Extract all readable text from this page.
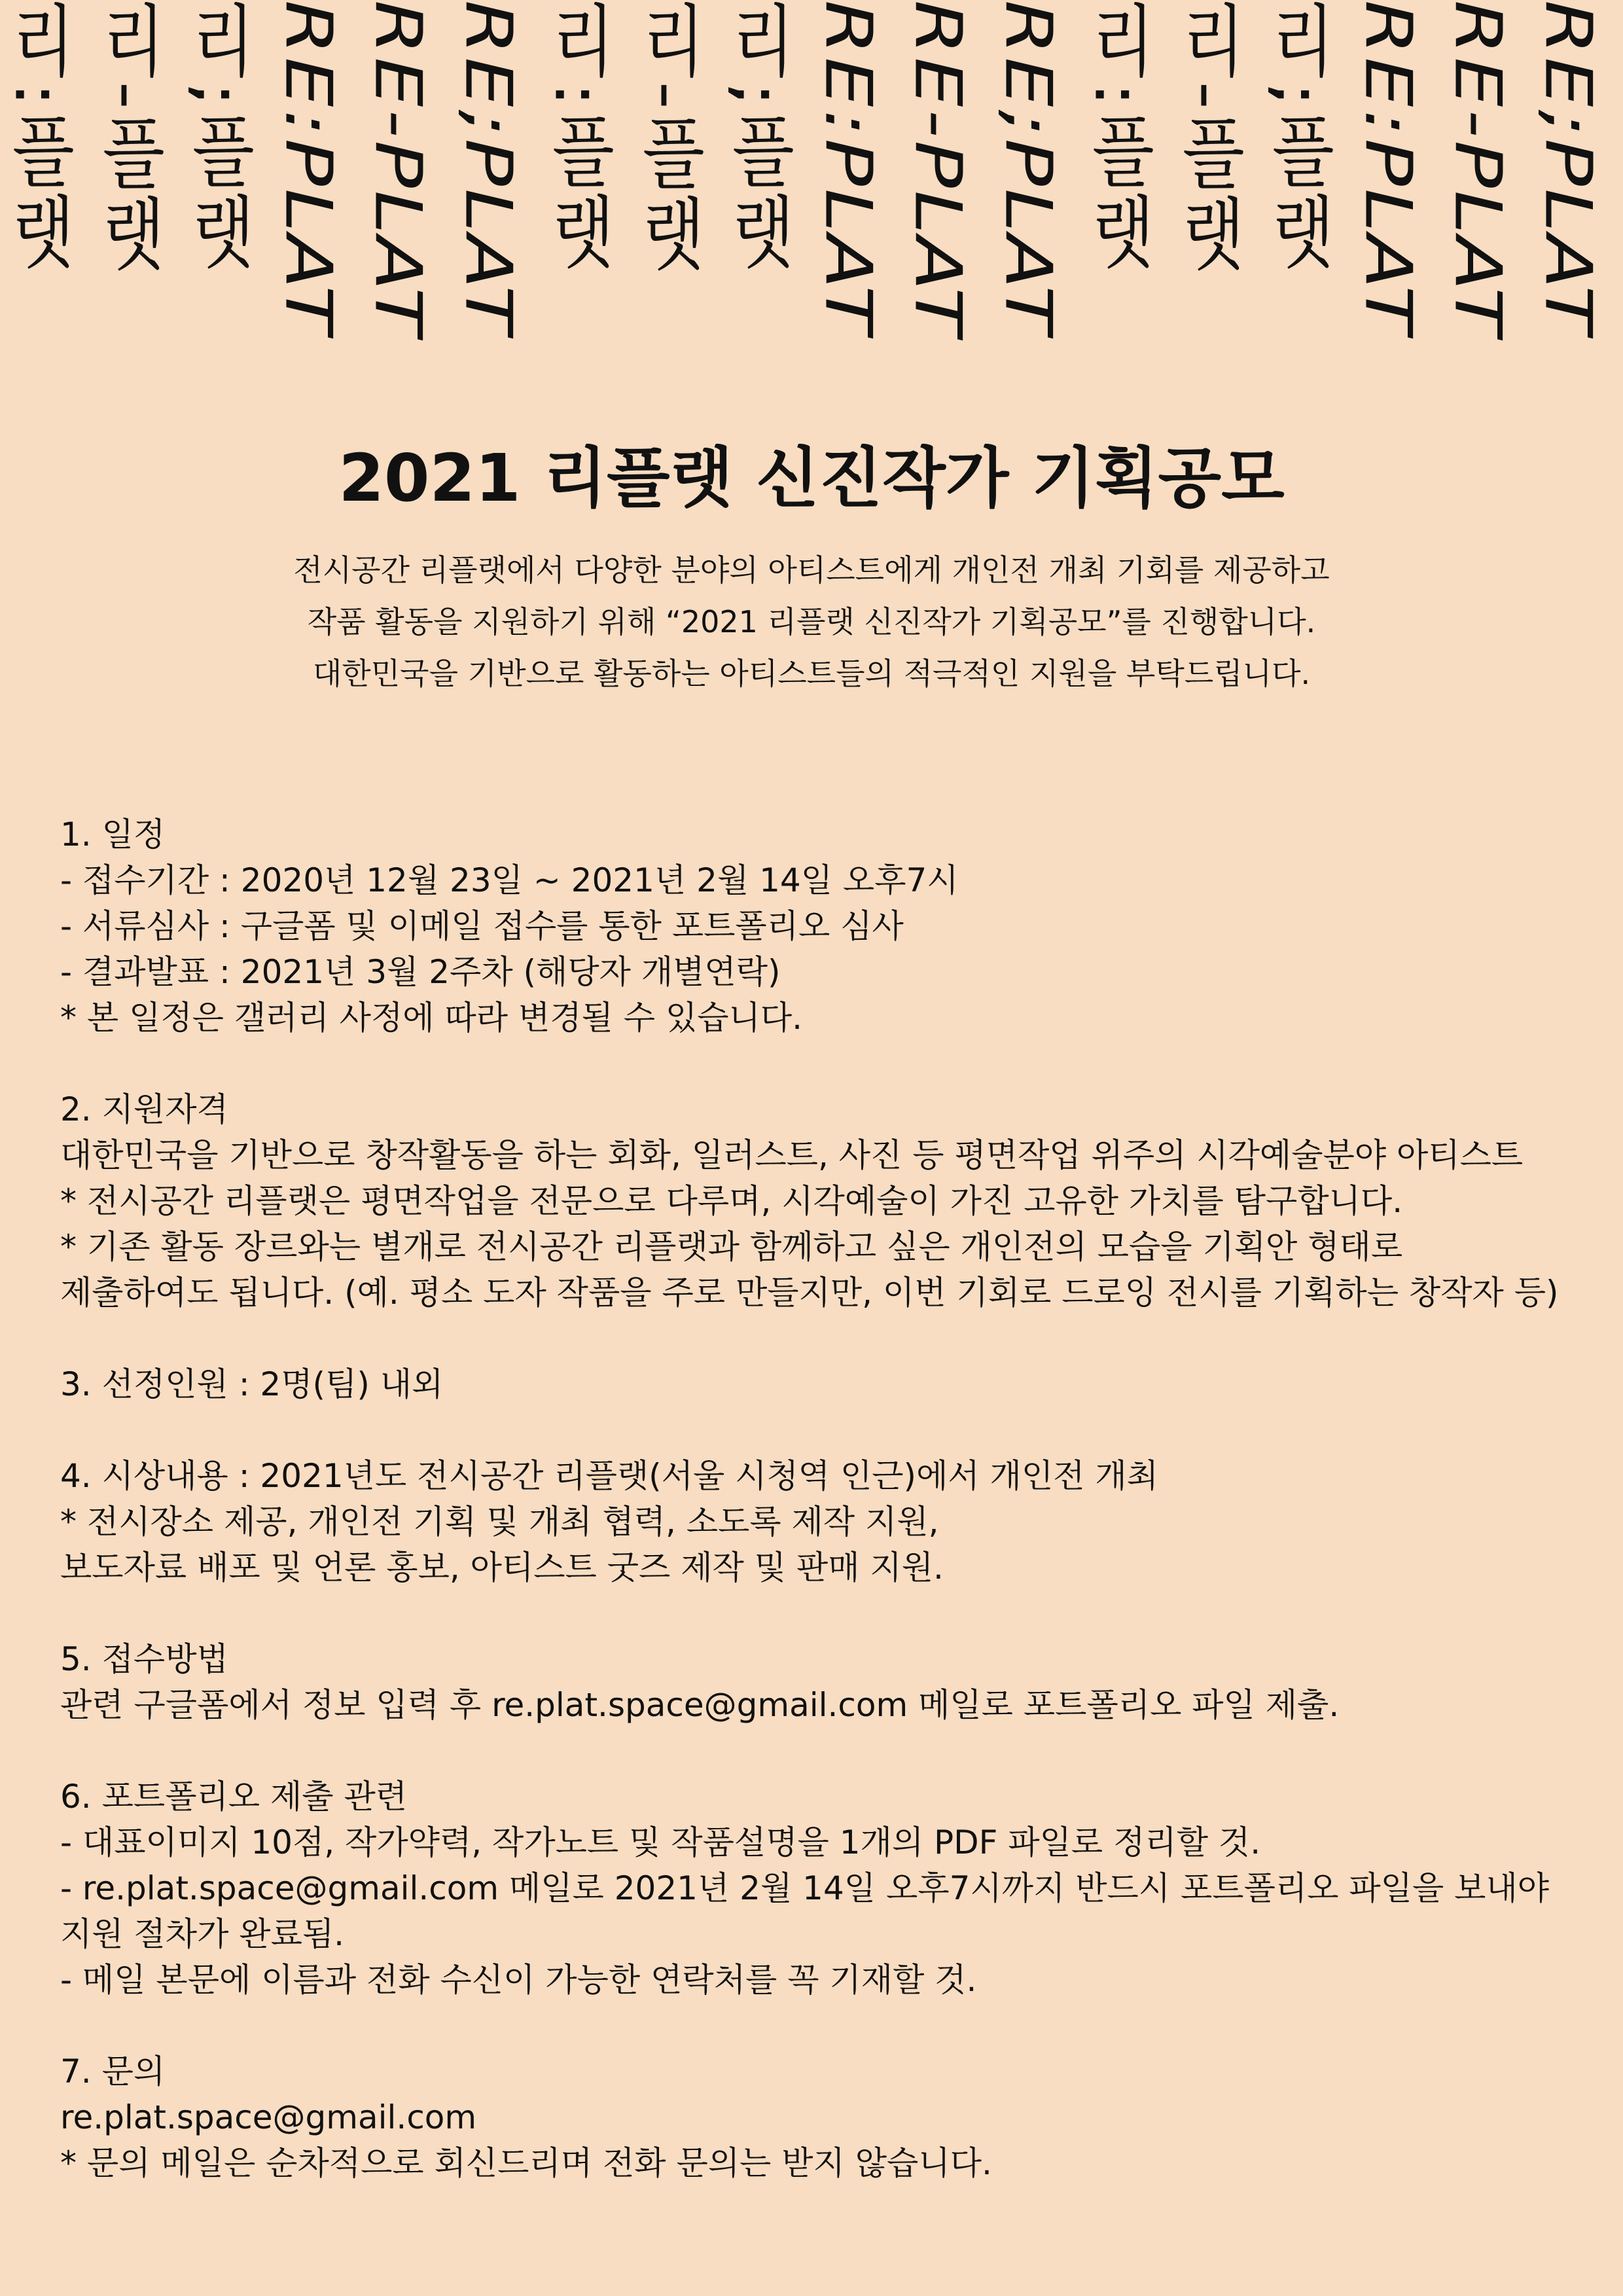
리:플랫 리-플랫 리;플랫 RE:PLAT RE-PLAT RE;PLAT 리:플랫 리-플랫 리;플랫 RE:PLAT RE-PLAT RE;PLAT 리:플랫 리-플랫 리;플랫 RE:PLAT RE-PLAT RE;PLAT
2021 리플랫 신진작가 기획공모
전시공간 리플랫에서 다양한 분야의 아티스트에게 개인전 개최 기회를 제공하고
작품 활동을 지원하기 위해 “2021 리플랫 신진작가 기획공모”를 진행합니다.
대한민국을 기반으로 활동하는 아티스트들의 적극적인 지원을 부탁드립니다.
1. 일정
- 접수기간 : 2020년 12월 23일 ~ 2021년 2월 14일 오후7시
- 서류심사 : 구글폼 및 이메일 접수를 통한 포트폴리오 심사
- 결과발표 : 2021년 3월 2주차 (해당자 개별연락)
* 본 일정은 갤러리 사정에 따라 변경될 수 있습니다.
2. 지원자격
대한민국을 기반으로 창작활동을 하는 회화, 일러스트, 사진 등 평면작업 위주의 시각예술분야 아티스트
* 전시공간 리플랫은 평면작업을 전문으로 다루며, 시각예술이 가진 고유한 가치를 탐구합니다.
* 기존 활동 장르와는 별개로 전시공간 리플랫과 함께하고 싶은 개인전의 모습을 기획안 형태로
제출하여도 됩니다. (예. 평소 도자 작품을 주로 만들지만, 이번 기회로 드로잉 전시를 기획하는 창작자 등)
3. 선정인원 : 2명(팀) 내외
4. 시상내용 : 2021년도 전시공간 리플랫(서울 시청역 인근)에서 개인전 개최
* 전시장소 제공, 개인전 기획 및 개최 협력, 소도록 제작 지원,
보도자료 배포 및 언론 홍보, 아티스트 굿즈 제작 및 판매 지원.
5. 접수방법
관련 구글폼에서 정보 입력 후 re.plat.space@gmail.com 메일로 포트폴리오 파일 제출.
6. 포트폴리오 제출 관련
- 대표이미지 10점, 작가약력, 작가노트 및 작품설명을 1개의 PDF 파일로 정리할 것.
- re.plat.space@gmail.com 메일로 2021년 2월 14일 오후7시까지 반드시 포트폴리오 파일을 보내야
지원 절차가 완료됨.
- 메일 본문에 이름과 전화 수신이 가능한 연락처를 꼭 기재할 것.
7. 문의
re.plat.space@gmail.com
* 문의 메일은 순차적으로 회신드리며 전화 문의는 받지 않습니다.
